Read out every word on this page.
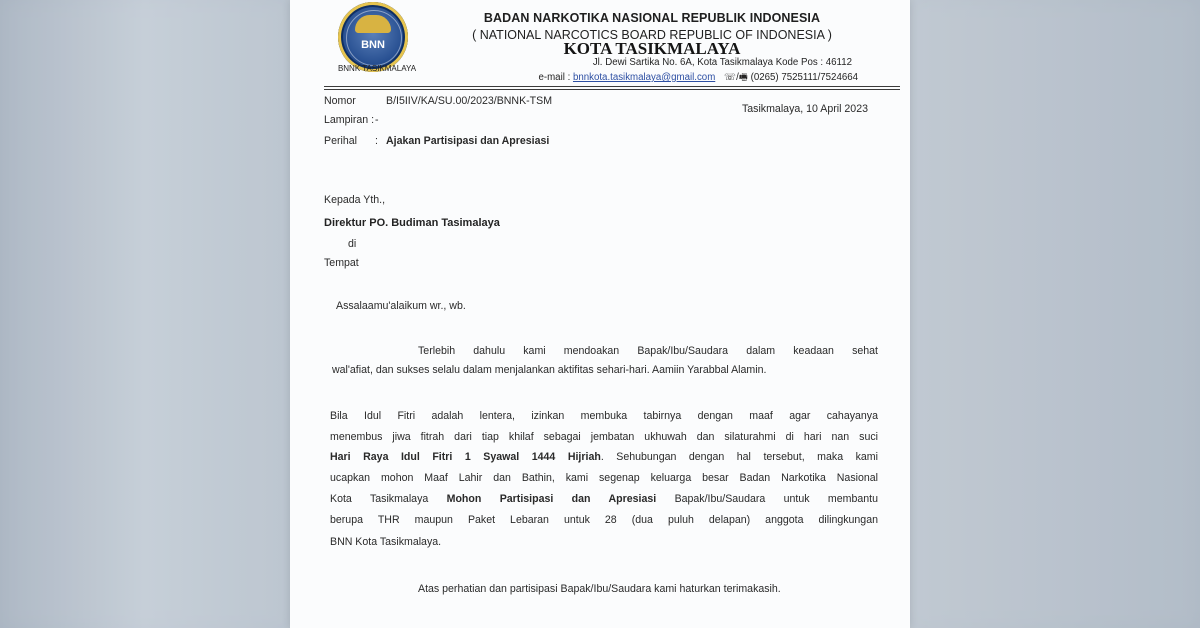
BNN
BNNK TASIKMALAYA
BADAN NARKOTIKA NASIONAL REPUBLIK INDONESIA
( NATIONAL NARCOTICS BOARD REPUBLIC OF INDONESIA )
KOTA TASIKMALAYA
Jl. Dewi Sartika No. 6A, Kota Tasikmalaya Kode Pos : 46112
e-mail : bnnkota.tasikmalaya@gmail.com ☏/🖷 (0265) 7525111/7524664
Nomor	B/I5IIV/KA/SU.00/2023/BNNK-TSM
Tasikmalaya, 10 April 2023
Lampiran : -
Perihal : Ajakan Partisipasi dan Apresiasi
Kepada Yth.,
Direktur PO. Budiman Tasimalaya
di
Tempat
Assalaamu'alaikum wr., wb.
Terlebih dahulu kami mendoakan Bapak/Ibu/Saudara dalam keadaan sehat
wal'afiat, dan sukses selalu dalam menjalankan aktifitas sehari-hari. Aamiin Yarabbal Alamin.
Bila Idul Fitri adalah lentera, izinkan membuka tabirnya dengan maaf agar cahayanya
menembus jiwa fitrah dari tiap khilaf sebagai jembatan ukhuwah dan silaturahmi di hari nan suci
Hari Raya Idul Fitri 1 Syawal 1444 Hijriah. Sehubungan dengan hal tersebut, maka kami
ucapkan mohon Maaf Lahir dan Bathin, kami segenap keluarga besar Badan Narkotika Nasional
Kota Tasikmalaya Mohon Partisipasi dan Apresiasi Bapak/Ibu/Saudara untuk membantu
berupa THR maupun Paket Lebaran untuk 28 (dua puluh delapan) anggota dilingkungan
BNN Kota Tasikmalaya.
Atas perhatian dan partisipasi Bapak/Ibu/Saudara kami haturkan terimakasih.
